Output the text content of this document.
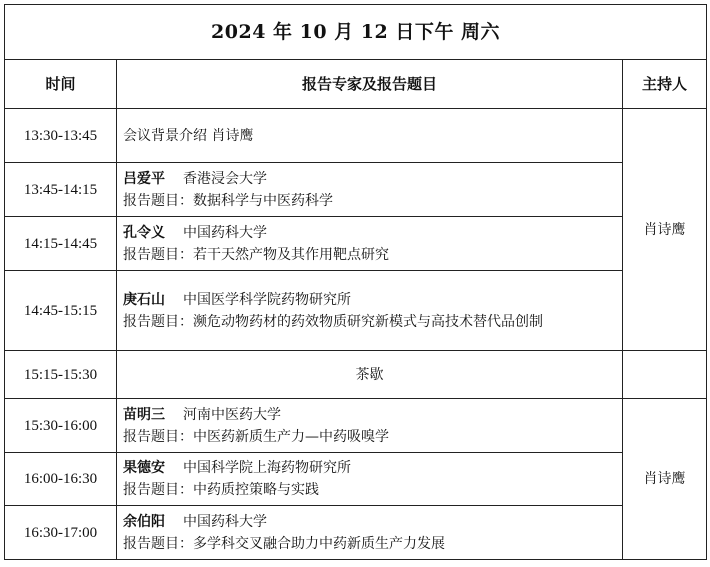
2024 年 10 月 12 日下午 周六		
时间	报告专家及报告题目	主持人
13:30-13:45	会议背景介绍 肖诗鹰	肖诗鹰
13:45-14:15	吕爱平 香港浸会大学
报告题目：数据科学与中医药科学	

14:15-14:45	孔令义 中国药科大学
报告题目：若干天然产物及其作用靶点研究	

14:45-15:15	庚石山 中国医学科学院药物研究所
报告题目：濒危动物药材的药效物质研究新模式与高技术替代品创制	

15:15-15:30	茶歇	
15:30-16:00	苗明三 河南中医药大学
报告题目：中医药新质生产力—中药吸嗅学	肖诗鹰
16:00-16:30	果德安 中国科学院上海药物研究所
报告题目：中药质控策略与实践	

16:30-17:00	余伯阳 中国药科大学
报告题目：多学科交叉融合助力中药新质生产力发展	
